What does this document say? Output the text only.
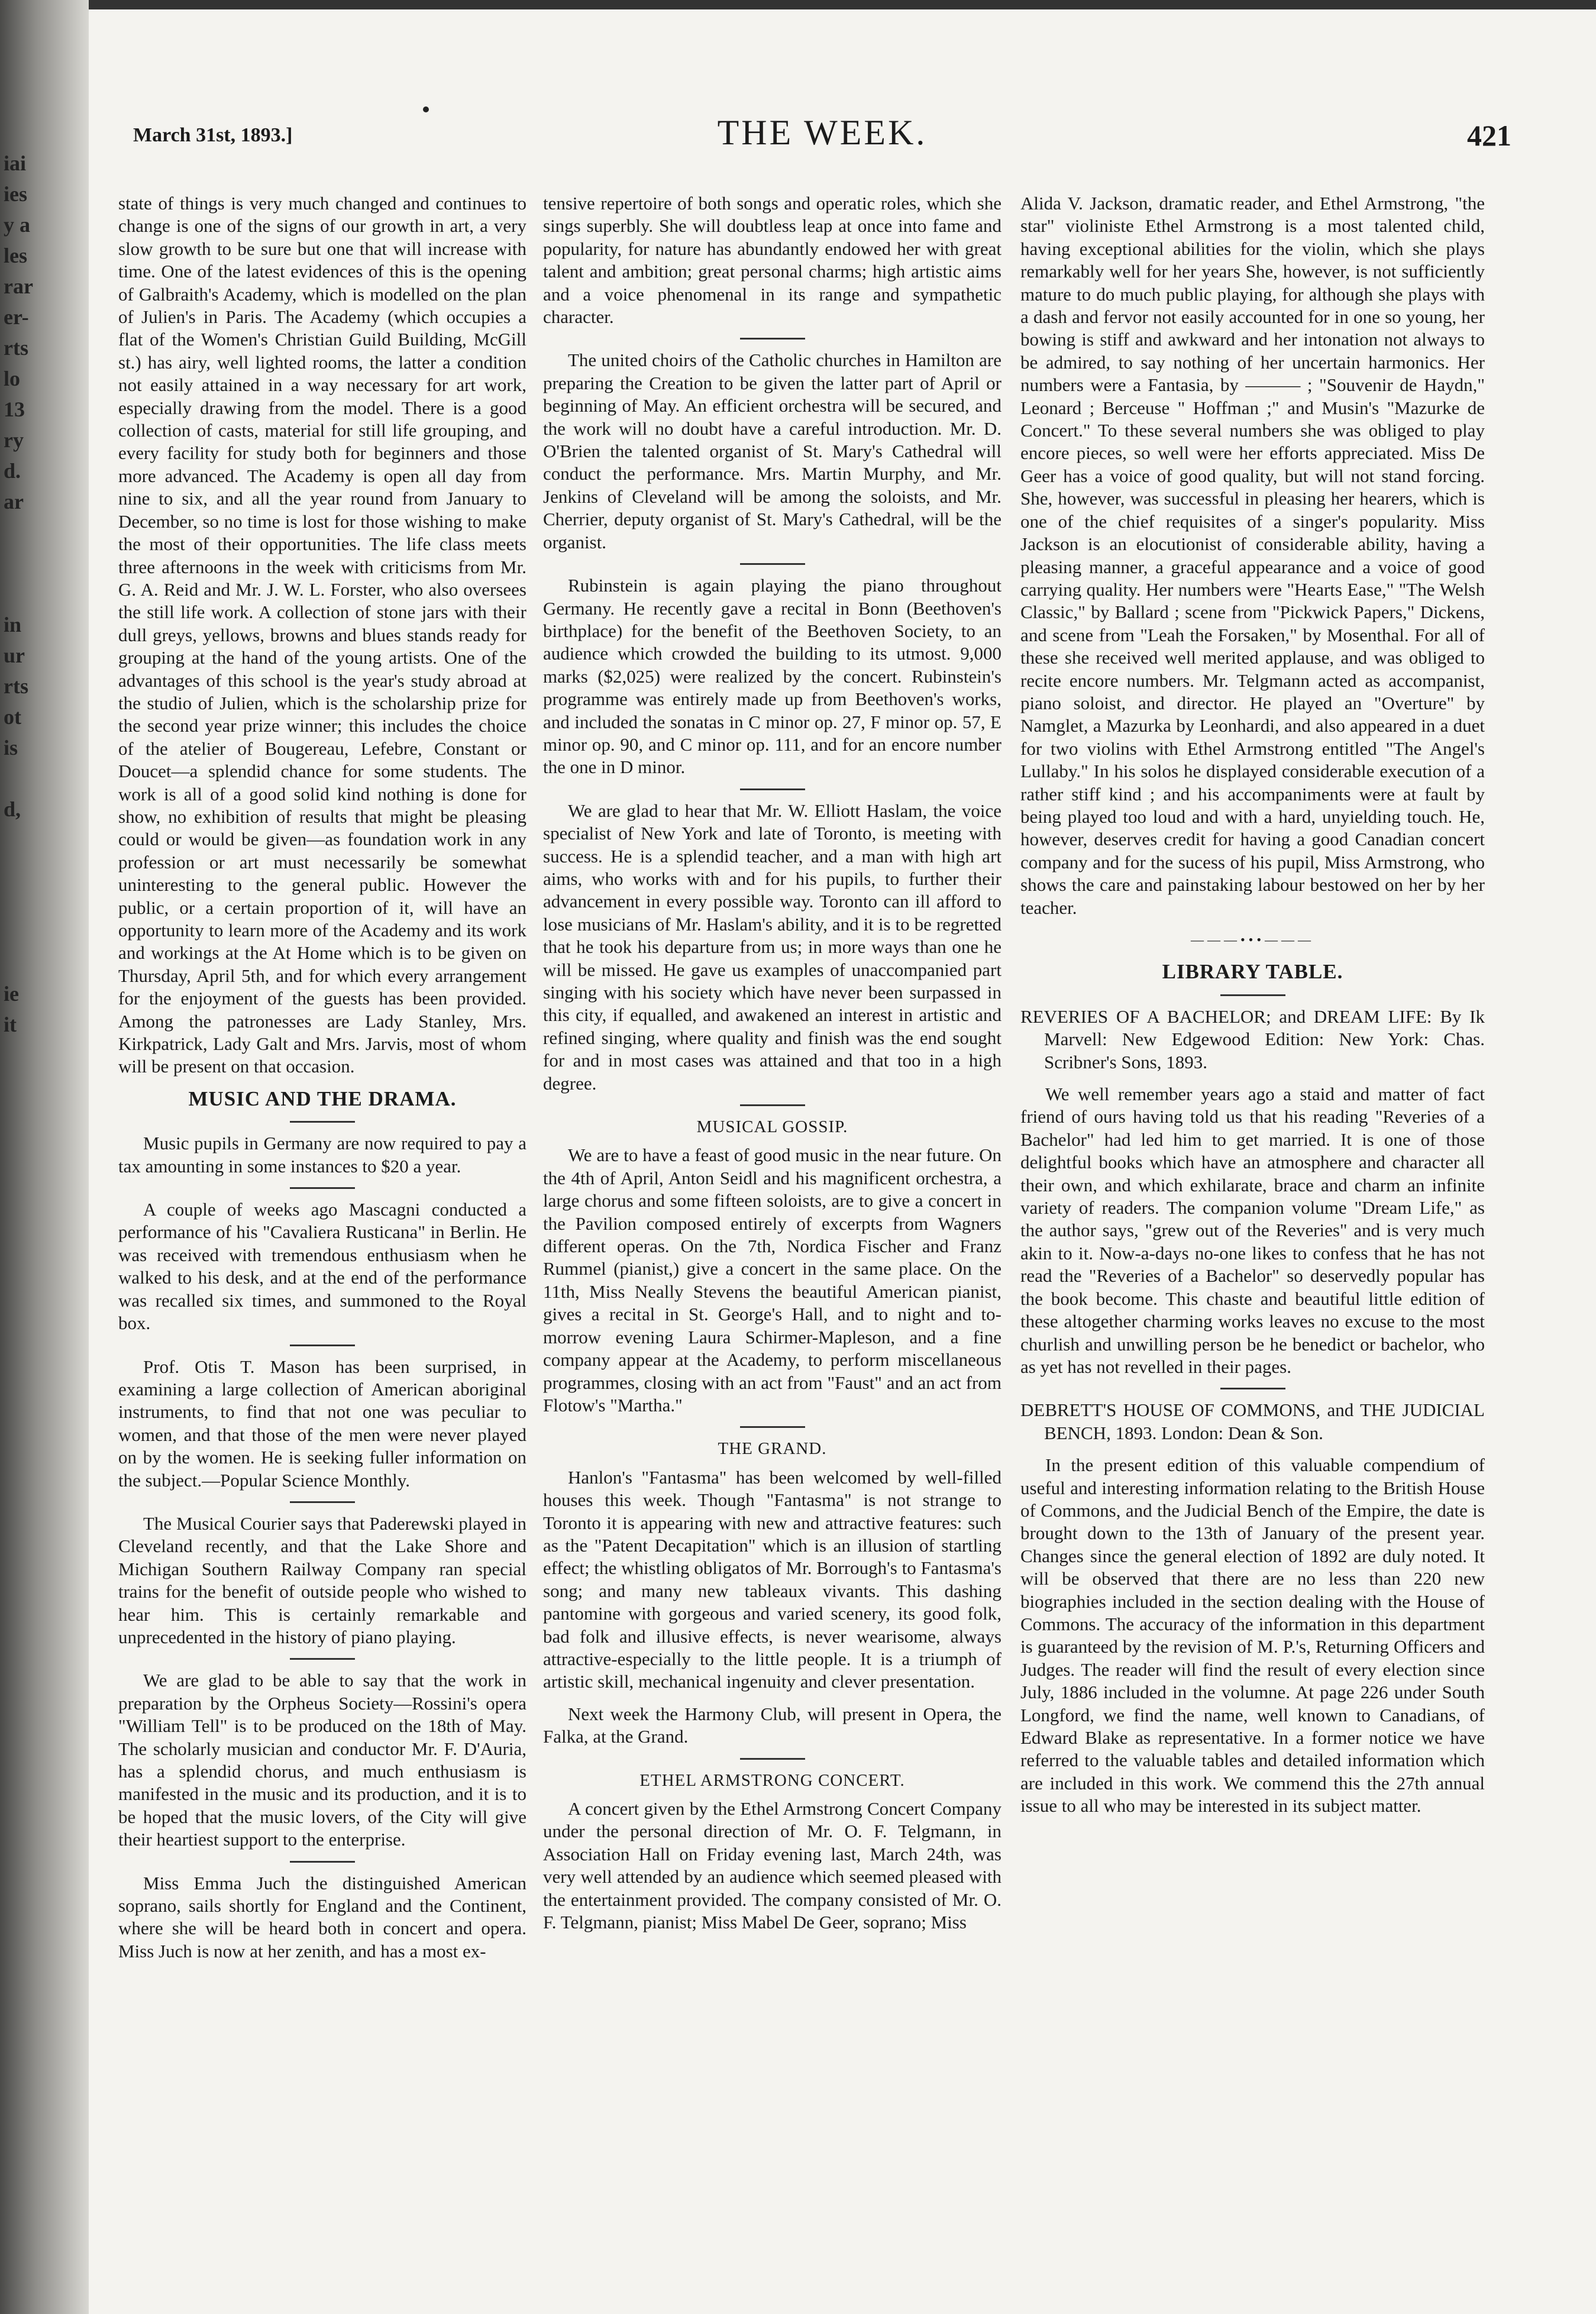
iai
ies
y a
les
rar
er-
rts
lo
13
ry
d.
ar

in
ur
rts
ot
is

d,

ie
it
March 31st, 1893.]	THE WEEK.	421

state of things is very much changed and continues to change is one of the signs of our growth in art, a very slow growth to be sure but one that will increase with time. One of the latest evidences of this is the opening of Galbraith's Academy, which is modelled on the plan of Julien's in Paris. The Academy (which occupies a flat of the Women's Christian Guild Building, McGill st.) has airy, well lighted rooms, the latter a condition not easily attained in a way necessary for art work, especially drawing from the model. There is a good collection of casts, material for still life grouping, and every facility for study both for beginners and those more advanced. The Academy is open all day from nine to six, and all the year round from January to December, so no time is lost for those wishing to make the most of their opportunities. The life class meets three afternoons in the week with criticisms from Mr. G. A. Reid and Mr. J. W. L. Forster, who also oversees the still life work. A collection of stone jars with their dull greys, yellows, browns and blues stands ready for grouping at the hand of the young artists. One of the advantages of this school is the year's study abroad at the studio of Julien, which is the scholarship prize for the second year prize winner; this includes the choice of the atelier of Bougereau, Lefebre, Constant or Doucet—a splendid chance for some students. The work is all of a good solid kind nothing is done for show, no exhibition of results that might be pleasing could or would be given—as foundation work in any profession or art must necessarily be somewhat uninteresting to the general public. However the public, or a certain proportion of it, will have an opportunity to learn more of the Academy and its work and workings at the At Home which is to be given on Thursday, April 5th, and for which every arrangement for the enjoyment of the guests has been provided. Among the patronesses are Lady Stanley, Mrs. Kirkpatrick, Lady Galt and Mrs. Jarvis, most of whom will be present on that occasion.

MUSIC AND THE DRAMA.

Music pupils in Germany are now required to pay a tax amounting in some instances to $20 a year.

A couple of weeks ago Mascagni conducted a performance of his "Cavaliera Rusticana" in Berlin. He was received with tremendous enthusiasm when he walked to his desk, and at the end of the performance was recalled six times, and summoned to the Royal box.

Prof. Otis T. Mason has been surprised, in examining a large collection of American aboriginal instruments, to find that not one was peculiar to women, and that those of the men were never played on by the women. He is seeking fuller information on the subject.—Popular Science Monthly.

The Musical Courier says that Paderewski played in Cleveland recently, and that the Lake Shore and Michigan Southern Railway Company ran special trains for the benefit of outside people who wished to hear him. This is certainly remarkable and unprecedented in the history of piano playing.

We are glad to be able to say that the work in preparation by the Orpheus Society—Rossini's opera "William Tell" is to be produced on the 18th of May. The scholarly musician and conductor Mr. F. D'Auria, has a splendid chorus, and much enthusiasm is manifested in the music and its production, and it is to be hoped that the music lovers, of the City will give their heartiest support to the enterprise.

Miss Emma Juch the distinguished American soprano, sails shortly for England and the Continent, where she will be heard both in concert and opera. Miss Juch is now at her zenith, and has a most ex-

tensive repertoire of both songs and operatic roles, which she sings superbly. She will doubtless leap at once into fame and popularity, for nature has abundantly endowed her with great talent and ambition; great personal charms; high artistic aims and a voice phenomenal in its range and sympathetic character.

The united choirs of the Catholic churches in Hamilton are preparing the Creation to be given the latter part of April or beginning of May. An efficient orchestra will be secured, and the work will no doubt have a careful introduction. Mr. D. O'Brien the talented organist of St. Mary's Cathedral will conduct the performance. Mrs. Martin Murphy, and Mr. Jenkins of Cleveland will be among the soloists, and Mr. Cherrier, deputy organist of St. Mary's Cathedral, will be the organist.

Rubinstein is again playing the piano throughout Germany. He recently gave a recital in Bonn (Beethoven's birthplace) for the benefit of the Beethoven Society, to an audience which crowded the building to its utmost. 9,000 marks ($2,025) were realized by the concert. Rubinstein's programme was entirely made up from Beethoven's works, and included the sonatas in C minor op. 27, F minor op. 57, E minor op. 90, and C minor op. 111, and for an encore number the one in D minor.

We are glad to hear that Mr. W. Elliott Haslam, the voice specialist of New York and late of Toronto, is meeting with success. He is a splendid teacher, and a man with high art aims, who works with and for his pupils, to further their advancement in every possible way. Toronto can ill afford to lose musicians of Mr. Haslam's ability, and it is to be regretted that he took his departure from us; in more ways than one he will be missed. He gave us examples of unaccompanied part singing with his society which have never been surpassed in this city, if equalled, and awakened an interest in artistic and refined singing, where quality and finish was the end sought for and in most cases was attained and that too in a high degree.

MUSICAL GOSSIP.

We are to have a feast of good music in the near future. On the 4th of April, Anton Seidl and his magnificent orchestra, a large chorus and some fifteen soloists, are to give a concert in the Pavilion composed entirely of excerpts from Wagners different operas. On the 7th, Nordica Fischer and Franz Rummel (pianist,) give a concert in the same place. On the 11th, Miss Neally Stevens the beautiful American pianist, gives a recital in St. George's Hall, and to night and to-morrow evening Laura Schirmer-Mapleson, and a fine company appear at the Academy, to perform miscellaneous programmes, closing with an act from "Faust" and an act from Flotow's "Martha."

THE GRAND.

Hanlon's "Fantasma" has been welcomed by well-filled houses this week. Though "Fantasma" is not strange to Toronto it is appearing with new and attractive features: such as the "Patent Decapitation" which is an illusion of startling effect; the whistling obligatos of Mr. Borrough's to Fantasma's song; and many new tableaux vivants. This dashing pantomine with gorgeous and varied scenery, its good folk, bad folk and illusive effects, is never wearisome, always attractive-especially to the little people. It is a triumph of artistic skill, mechanical ingenuity and clever presentation.

Next week the Harmony Club, will present in Opera, the Falka, at the Grand.

ETHEL ARMSTRONG CONCERT.

A concert given by the Ethel Armstrong Concert Company under the personal direction of Mr. O. F. Telgmann, in Association Hall on Friday evening last, March 24th, was very well attended by an audience which seemed pleased with the entertainment provided. The company consisted of Mr. O. F. Telgmann, pianist; Miss Mabel De Geer, soprano; Miss

Alida V. Jackson, dramatic reader, and Ethel Armstrong, "the star" violiniste Ethel Armstrong is a most talented child, having exceptional abilities for the violin, which she plays remarkably well for her years She, however, is not sufficiently mature to do much public playing, for although she plays with a dash and fervor not easily accounted for in one so young, her bowing is stiff and awkward and her intonation not always to be admired, to say nothing of her uncertain harmonics. Her numbers were a Fantasia, by ——— ; "Souvenir de Haydn," Leonard ; Berceuse " Hoffman ;" and Musin's "Mazurke de Concert." To these several numbers she was obliged to play encore pieces, so well were her efforts appreciated. Miss De Geer has a voice of good quality, but will not stand forcing. She, however, was successful in pleasing her hearers, which is one of the chief requisites of a singer's popularity. Miss Jackson is an elocutionist of considerable ability, having a pleasing manner, a graceful appearance and a voice of good carrying quality. Her numbers were "Hearts Ease," "The Welsh Classic," by Ballard ; scene from "Pickwick Papers," Dickens, and scene from "Leah the Forsaken," by Mosenthal. For all of these she received well merited applause, and was obliged to recite encore numbers. Mr. Telgmann acted as accompanist, piano soloist, and director. He played an "Overture" by Namglet, a Mazurka by Leonhardi, and also appeared in a duet for two violins with Ethel Armstrong entitled "The Angel's Lullaby." In his solos he displayed considerable execution of a rather stiff kind ; and his accompaniments were at fault by being played too loud and with a hard, unyielding touch. He, however, deserves credit for having a good Canadian concert company and for the sucess of his pupil, Miss Armstrong, who shows the care and painstaking labour bestowed on her by her teacher.

———•••———
LIBRARY TABLE.

REVERIES OF A BACHELOR; and DREAM LIFE: By Ik Marvell: New Edgewood Edition: New York: Chas. Scribner's Sons, 1893.

We well remember years ago a staid and matter of fact friend of ours having told us that his reading "Reveries of a Bachelor" had led him to get married. It is one of those delightful books which have an atmosphere and character all their own, and which exhilarate, brace and charm an infinite variety of readers. The companion volume "Dream Life," as the author says, "grew out of the Reveries" and is very much akin to it. Now-a-days no-one likes to confess that he has not read the "Reveries of a Bachelor" so deservedly popular has the book become. This chaste and beautiful little edition of these altogether charming works leaves no excuse to the most churlish and unwilling person be he benedict or bachelor, who as yet has not revelled in their pages.

DEBRETT'S HOUSE OF COMMONS, and THE JUDICIAL BENCH, 1893. London: Dean & Son.

In the present edition of this valuable compendium of useful and interesting information relating to the British House of Commons, and the Judicial Bench of the Empire, the date is brought down to the 13th of January of the present year. Changes since the general election of 1892 are duly noted. It will be observed that there are no less than 220 new biographies included in the section dealing with the House of Commons. The accuracy of the information in this department is guaranteed by the revision of M. P.'s, Returning Officers and Judges. The reader will find the result of every election since July, 1886 included in the volumne. At page 226 under South Longford, we find the name, well known to Canadians, of Edward Blake as representative. In a former notice we have referred to the valuable tables and detailed information which are included in this work. We commend this the 27th annual issue to all who may be interested in its subject matter.
